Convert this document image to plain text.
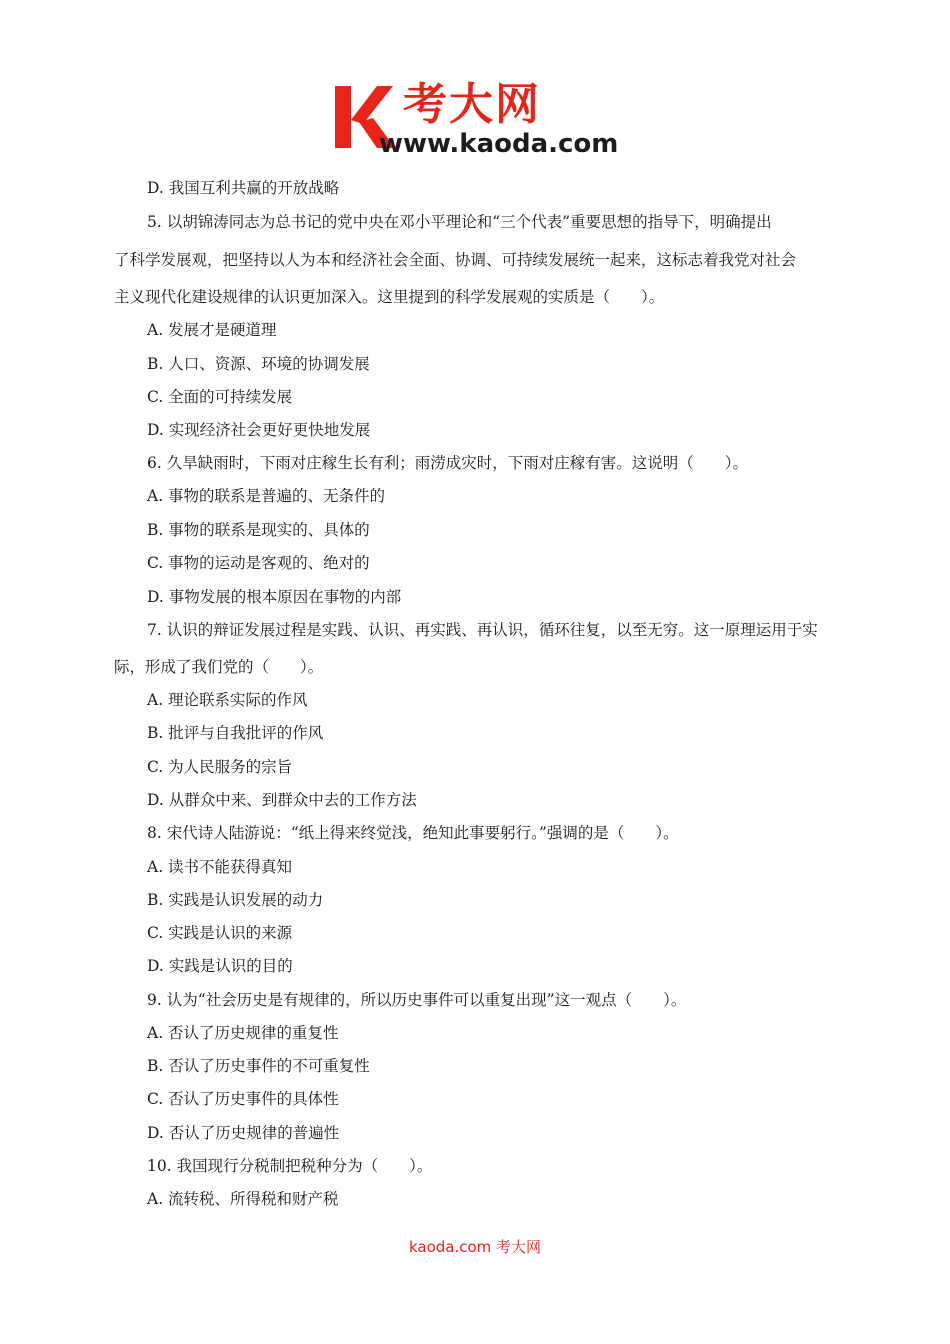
考大网
www.kaoda.com
D. 我国互利共赢的开放战略
5. 以胡锦涛同志为总书记的党中央在邓小平理论和“三个代表”重要思想的指导下，明确提出
了科学发展观，把坚持以人为本和经济社会全面、协调、可持续发展统一起来，这标志着我党对社会
主义现代化建设规律的认识更加深入。这里提到的科学发展观的实质是（　　）。
A. 发展才是硬道理
B. 人口、资源、环境的协调发展
C. 全面的可持续发展
D. 实现经济社会更好更快地发展
6. 久旱缺雨时，下雨对庄稼生长有利；雨涝成灾时，下雨对庄稼有害。这说明（　　）。
A. 事物的联系是普遍的、无条件的
B. 事物的联系是现实的、具体的
C. 事物的运动是客观的、绝对的
D. 事物发展的根本原因在事物的内部
7. 认识的辩证发展过程是实践、认识、再实践、再认识，循环往复，以至无穷。这一原理运用于实
际，形成了我们党的（　　）。
A. 理论联系实际的作风
B. 批评与自我批评的作风
C. 为人民服务的宗旨
D. 从群众中来、到群众中去的工作方法
8. 宋代诗人陆游说：“纸上得来终觉浅，绝知此事要躬行。”强调的是（　　）。
A. 读书不能获得真知
B. 实践是认识发展的动力
C. 实践是认识的来源
D. 实践是认识的目的
9. 认为“社会历史是有规律的，所以历史事件可以重复出现”这一观点（　　）。
A. 否认了历史规律的重复性
B. 否认了历史事件的不可重复性
C. 否认了历史事件的具体性
D. 否认了历史规律的普遍性
10. 我国现行分税制把税种分为（　　）。
A. 流转税、所得税和财产税
kaoda.com 考大网
